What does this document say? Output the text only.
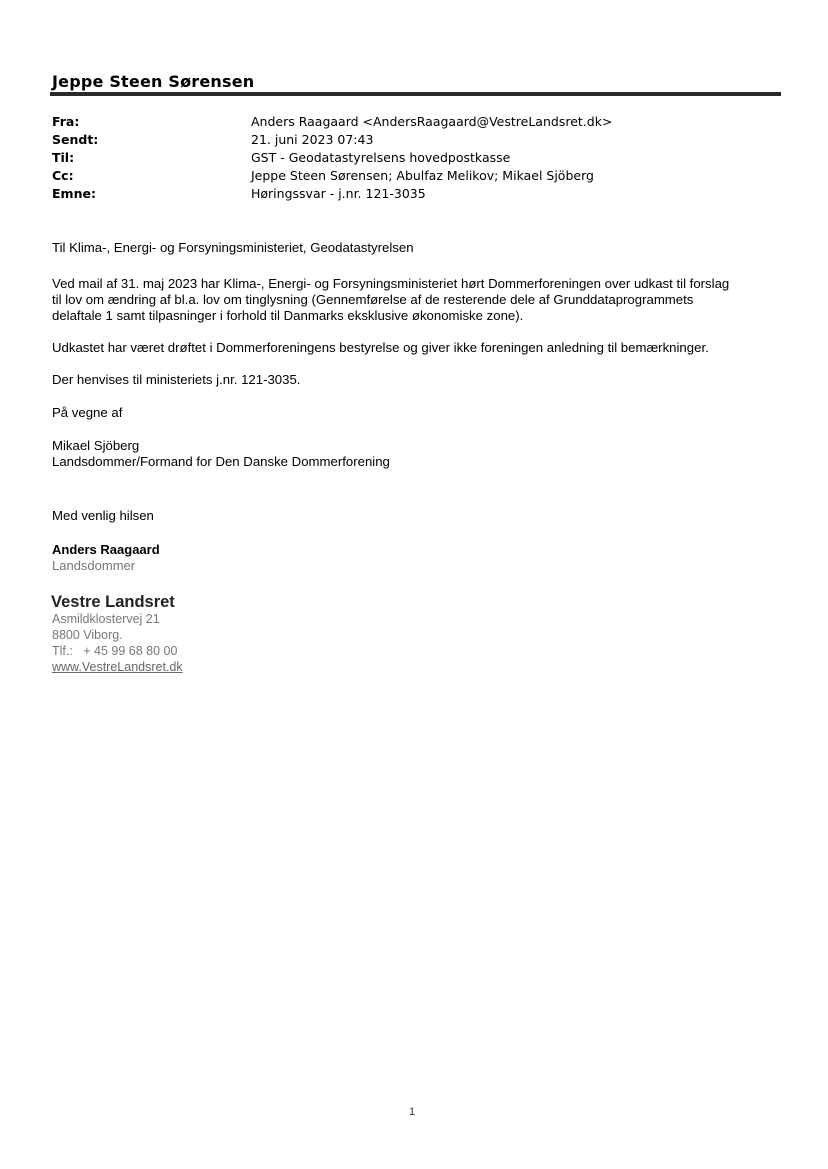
Jeppe Steen Sørensen
Fra:	Anders Raagaard <AndersRaagaard@VestreLandsret.dk>
Sendt:	21. juni 2023 07:43
Til:	GST - Geodatastyrelsens hovedpostkasse
Cc:	Jeppe Steen Sørensen; Abulfaz Melikov; Mikael Sjöberg
Emne:	Høringssvar - j.nr. 121-3035
Til Klima-, Energi- og Forsyningsministeriet, Geodatastyrelsen
Ved mail af 31. maj 2023 har Klima-, Energi- og Forsyningsministeriet hørt Dommerforeningen over udkast til forslag
til lov om ændring af bl.a. lov om tinglysning (Gennemførelse af de resterende dele af Grunddataprogrammets
delaftale 1 samt tilpasninger i forhold til Danmarks eksklusive økonomiske zone).
Udkastet har været drøftet i Dommerforeningens bestyrelse og giver ikke foreningen anledning til bemærkninger.
Der henvises til ministeriets j.nr. 121-3035.
På vegne af
Mikael Sjöberg
Landsdommer/Formand for Den Danske Dommerforening
Med venlig hilsen
Anders Raagaard
Landsdommer
Vestre Landsret
Asmildklostervej 21
8800 Viborg.
Tlf.:   + 45 99 68 80 00
www.VestreLandsret.dk
1
